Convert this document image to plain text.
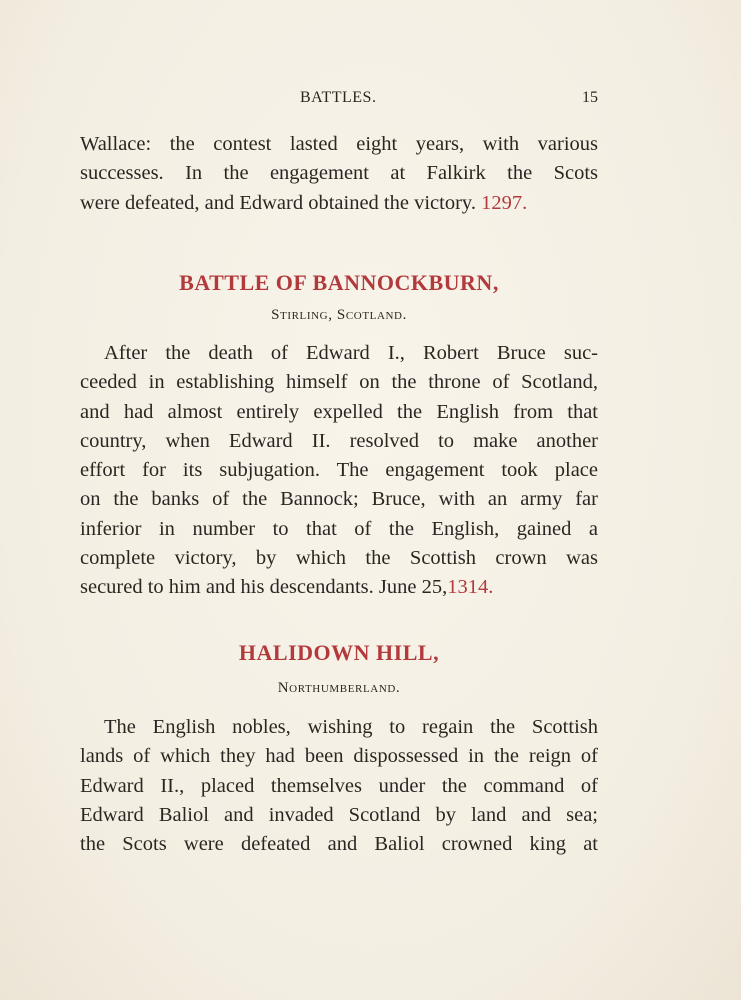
BATTLES.	15
Wallace: the contest lasted eight years, with various
successes. In the engagement at Falkirk the Scots
were defeated, and Edward obtained the victory. 1297.
BATTLE OF BANNOCKBURN,

Stirling, Scotland.

After the death of Edward I., Robert Bruce suc-
ceeded in establishing himself on the throne of Scotland,
and had almost entirely expelled the English from that
country, when Edward II. resolved to make another
effort for its subjugation. The engagement took place
on the banks of the Bannock; Bruce, with an army far
inferior in number to that of the English, gained a
complete victory, by which the Scottish crown was
secured to him and his descendants. June 25,1314.
HALIDOWN HILL,

Northumberland.

The English nobles, wishing to regain the Scottish
lands of which they had been dispossessed in the reign of
Edward II., placed themselves under the command of
Edward Baliol and invaded Scotland by land and sea;
the Scots were defeated and Baliol crowned king at
